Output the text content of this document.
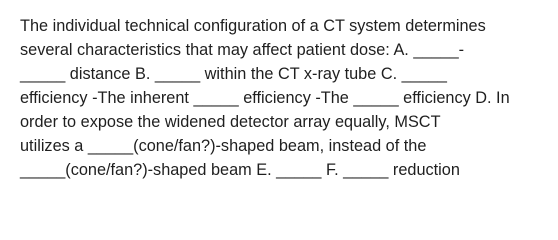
The individual technical configuration of a CT system determines
several characteristics that may affect patient dose: A. _____-
_____ distance B. _____ within the CT x-ray tube C. _____
efficiency -The inherent _____ efficiency -The _____ efficiency D. In
order to expose the widened detector array equally, MSCT
utilizes a _____(cone/fan?)-shaped beam, instead of the
_____(cone/fan?)-shaped beam E. _____ F. _____ reduction
